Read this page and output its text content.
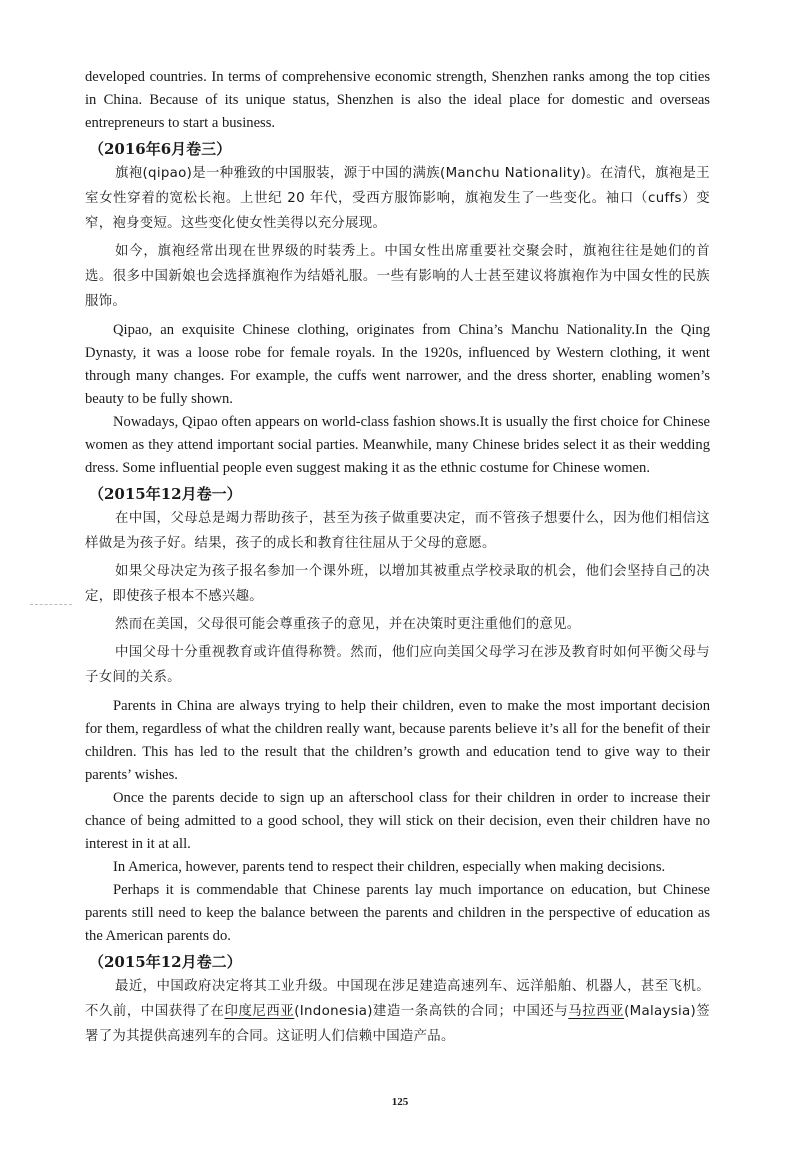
developed countries. In terms of comprehensive economic strength, Shenzhen ranks among the top cities in China. Because of its unique status, Shenzhen is also the ideal place for domestic and overseas entrepreneurs to start a business.

（2016年6月卷三）

旗袍(qipao)是一种雅致的中国服装，源于中国的满族(Manchu Nationality)。在清代，旗袍是王室女性穿着的宽松长袍。上世纪 20 年代，受西方服饰影响，旗袍发生了一些变化。袖口（cuffs）变窄，袍身变短。这些变化使女性美得以充分展现。

如今，旗袍经常出现在世界级的时装秀上。中国女性出席重要社交聚会时，旗袍往往是她们的首选。很多中国新娘也会选择旗袍作为结婚礼服。一些有影响的人士甚至建议将旗袍作为中国女性的民族服饰。

Qipao, an exquisite Chinese clothing, originates from China’s Manchu Nationality.In the Qing Dynasty, it was a loose robe for female royals. In the 1920s, influenced by Western clothing, it went through many changes. For example, the cuffs went narrower, and the dress shorter, enabling women’s beauty to be fully shown.

Nowadays, Qipao often appears on world-class fashion shows.It is usually the first choice for Chinese women as they attend important social parties. Meanwhile, many Chinese brides select it as their wedding dress. Some influential people even suggest making it as the ethnic costume for Chinese women.

（2015年12月卷一）

在中国，父母总是竭力帮助孩子，甚至为孩子做重要决定，而不管孩子想要什么，因为他们相信这样做是为孩子好。结果，孩子的成长和教育往往屈从于父母的意愿。

如果父母决定为孩子报名参加一个课外班，以增加其被重点学校录取的机会，他们会坚持自己的决定，即使孩子根本不感兴趣。

然而在美国，父母很可能会尊重孩子的意见，并在决策时更注重他们的意见。

中国父母十分重视教育或许值得称赞。然而，他们应向美国父母学习在涉及教育时如何平衡父母与子女间的关系。

Parents in China are always trying to help their children, even to make the most important decision for them, regardless of what the children really want, because parents believe it’s all for the benefit of their children. This has led to the result that the children’s growth and education tend to give way to their parents’ wishes.

Once the parents decide to sign up an afterschool class for their children in order to increase their chance of being admitted to a good school, they will stick on their decision, even their children have no interest in it at all.

In America, however, parents tend to respect their children, especially when making decisions.

Perhaps it is commendable that Chinese parents lay much importance on education, but Chinese parents still need to keep the balance between the parents and children in the perspective of education as the American parents do.

（2015年12月卷二）

最近，中国政府决定将其工业升级。中国现在涉足建造高速列车、远洋船舶、机器人，甚至飞机。不久前，中国获得了在印度尼西亚(Indonesia)建造一条高铁的合同；中国还与马拉西亚(Malaysia)签署了为其提供高速列车的合同。这证明人们信赖中国造产品。

125
